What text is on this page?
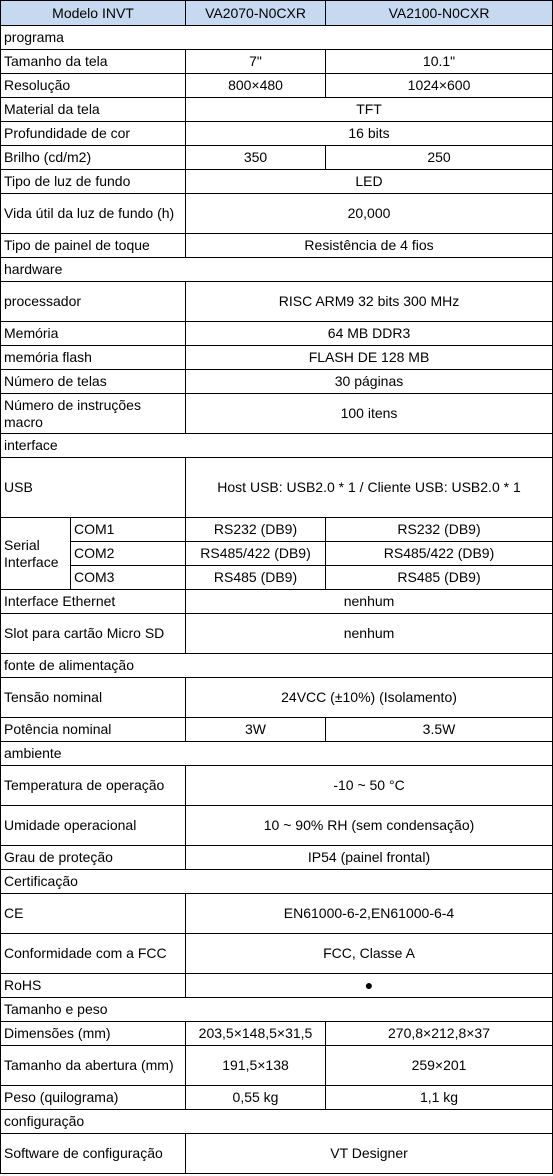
Modelo INVT		VA2070-N0CXR	VA2100-N0CXR
programa			
Tamanho da tela		7"	10.1"
Resolução		800×480	1024×600
Material da tela		TFT	
Profundidade de cor		16 bits	
Brilho (cd/m2)		350	250
Tipo de luz de fundo		LED	
Vida útil da luz de fundo (h)		20,000	
Tipo de painel de toque		Resistência de 4 fios	
hardware			
processador		RISC ARM9 32 bits 300 MHz	
Memória		64 MB DDR3	
memória flash		FLASH DE 128 MB	
Número de telas		30 páginas	
Número de instruções macro		100 itens	
interface			
USB		Host USB: USB2.0 * 1 / Cliente USB: USB2.0 * 1	
Serial Interface	COM1	RS232 (DB9)	RS232 (DB9)
	COM2	RS485/422 (DB9)	RS485/422 (DB9)
	COM3	RS485 (DB9)	RS485 (DB9)
Interface Ethernet		nenhum	
Slot para cartão Micro SD		nenhum	
fonte de alimentação			
Tensão nominal		24VCC (±10%) (Isolamento)	
Potência nominal		3W	3.5W
ambiente			
Temperatura de operação		-10 ~ 50 °C	
Umidade operacional		10 ~ 90% RH (sem condensação)	
Grau de proteção		IP54 (painel frontal)	
Certificação			
CE		EN61000-6-2,EN61000-6-4	
Conformidade com a FCC		FCC, Classe A	
RoHS		●	
Tamanho e peso			
Dimensões (mm)		203,5×148,5×31,5	270,8×212,8×37
Tamanho da abertura (mm)		191,5×138	259×201
Peso (quilograma)		0,55 kg	1,1 kg
configuração			
Software de configuração		VT Designer	
